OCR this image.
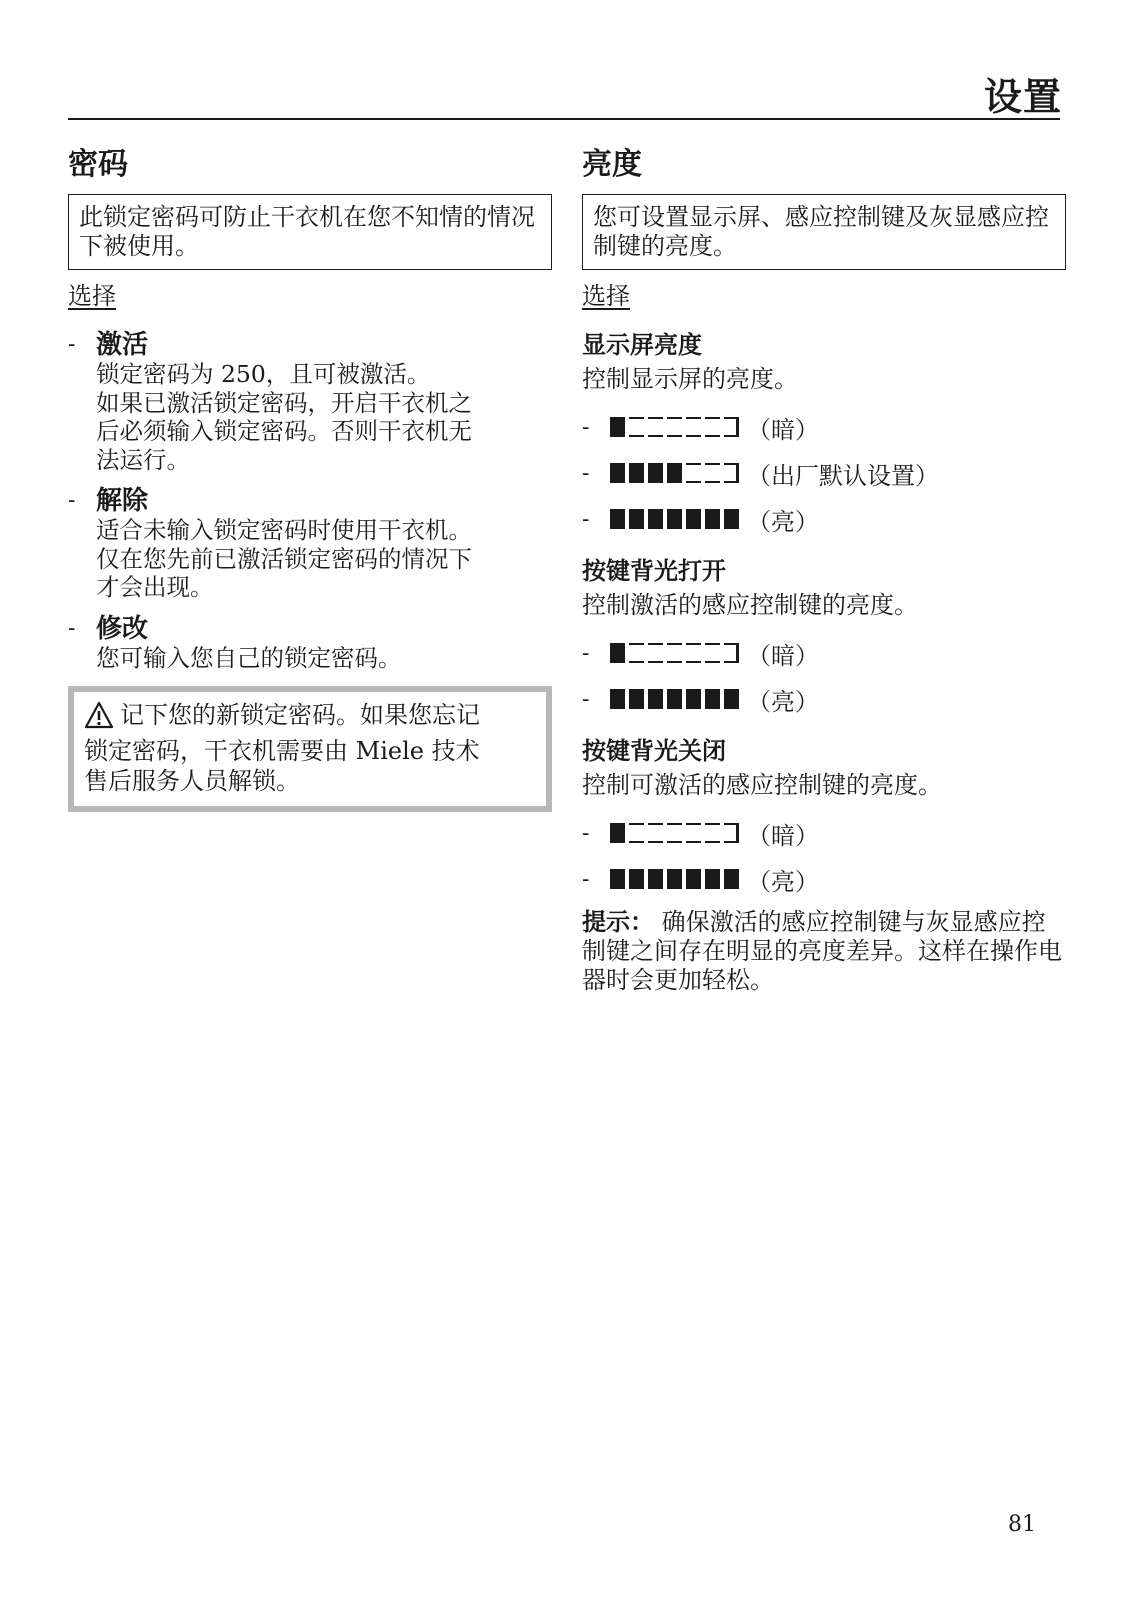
设置
密码
此锁定密码可防止干衣机在您不知情的情况下被使用。
选择
- 激活
锁定密码为 250，且可被激活。
如果已激活锁定密码，开启干衣机之
后必须输入锁定密码。否则干衣机无
法运行。
- 解除
适合未输入锁定密码时使用干衣机。
仅在您先前已激活锁定密码的情况下
才会出现。
- 修改
您可输入您自己的锁定密码。
记下您的新锁定密码。如果您忘记
锁定密码，干衣机需要由 Miele 技术
售后服务人员解锁。
亮度
您可设置显示屏、感应控制键及灰显感应控制键的亮度。
选择
显示屏亮度
控制显示屏的亮度。
-	（暗）
-	（出厂默认设置）
-	（亮）
按键背光打开
控制激活的感应控制键的亮度。
-	（暗）
-	（亮）
按键背光关闭
控制可激活的感应控制键的亮度。
-	（暗）
-	（亮）
提示： 确保激活的感应控制键与灰显感应控制键之间存在明显的亮度差异。这样在操作电器时会更加轻松。
81
